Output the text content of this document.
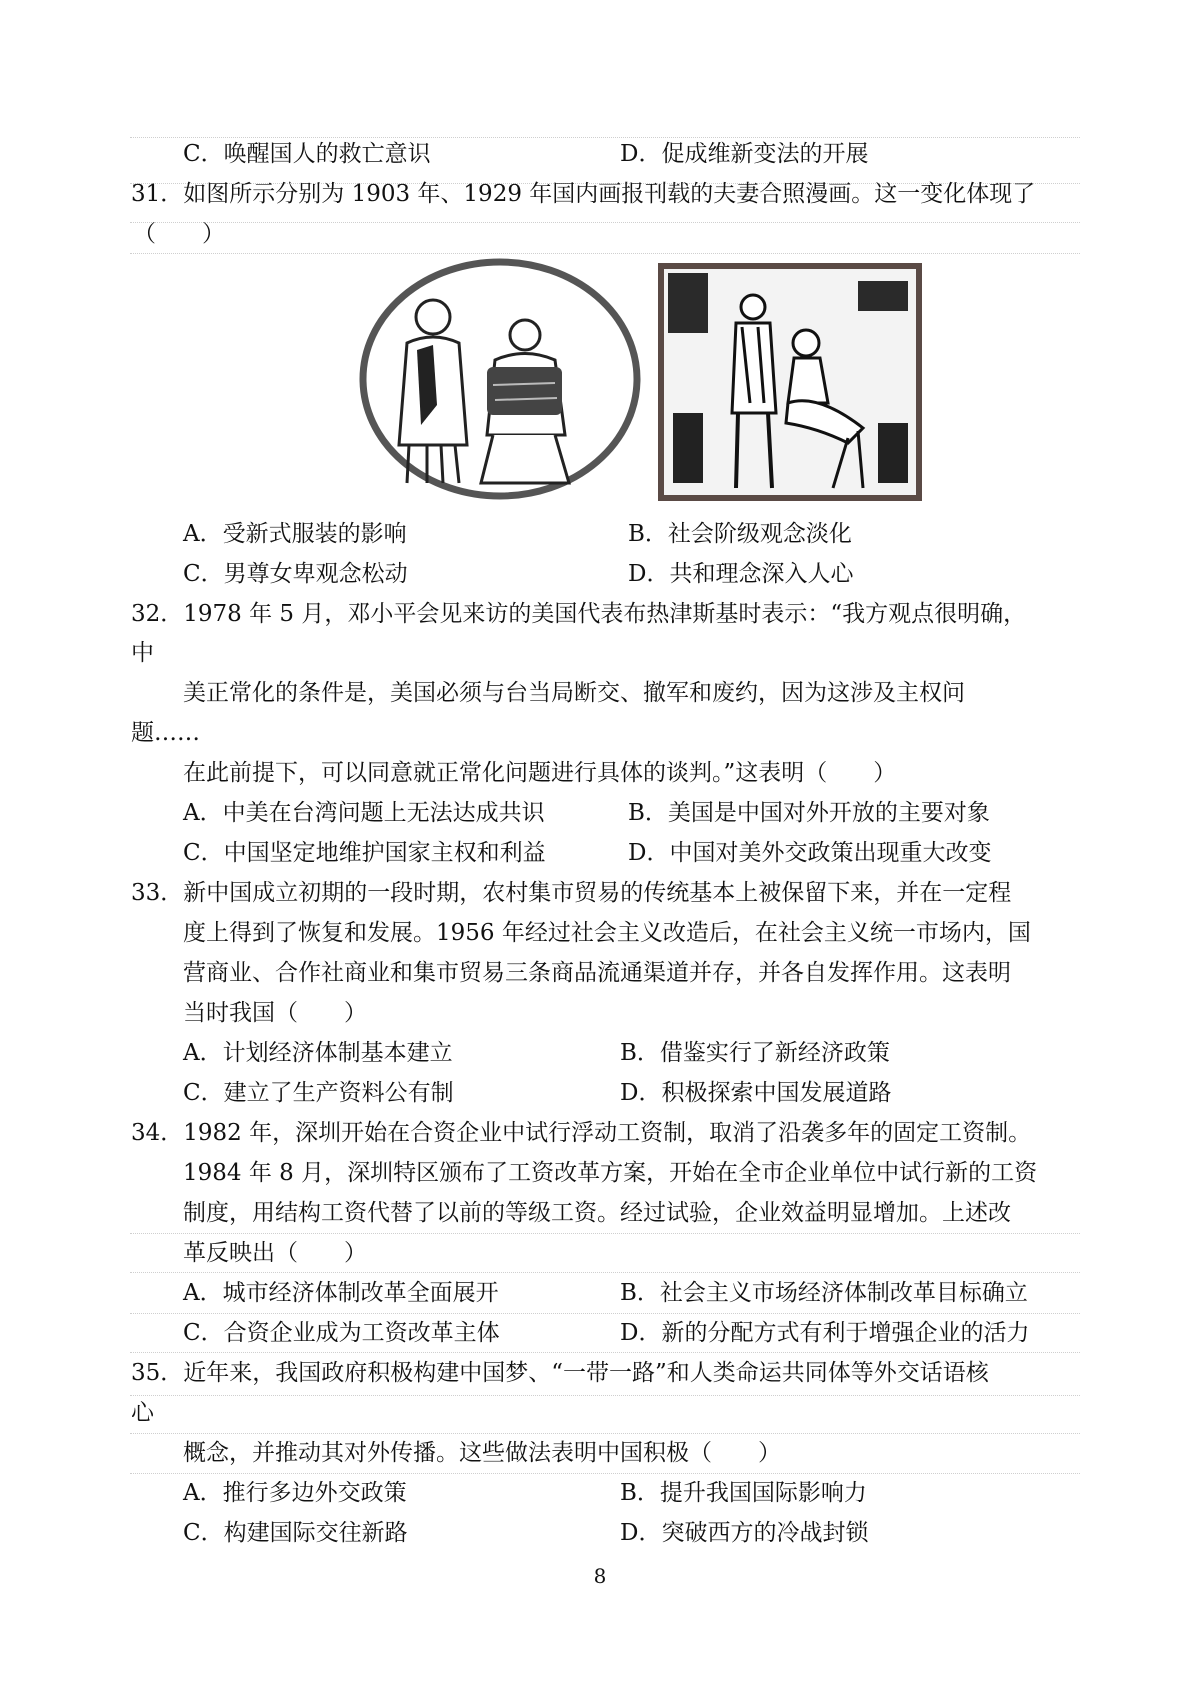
C．唤醒国人的救亡意识	D．促成维新变法的开展
31．如图所示分别为 1903 年、1929 年国内画报刊载的夫妻合照漫画。这一变化体现了
（　　）
A．受新式服装的影响	B．社会阶级观念淡化
C．男尊女卑观念松动	D．共和理念深入人心
32．1978 年 5 月，邓小平会见来访的美国代表布热津斯基时表示：“我方观点很明确，
中
美正常化的条件是，美国必须与台当局断交、撤军和废约，因为这涉及主权问
题……
在此前提下，可以同意就正常化问题进行具体的谈判。”这表明（　　）
A．中美在台湾问题上无法达成共识	B．美国是中国对外开放的主要对象
C．中国坚定地维护国家主权和利益	D．中国对美外交政策出现重大改变
33．新中国成立初期的一段时期，农村集市贸易的传统基本上被保留下来，并在一定程
度上得到了恢复和发展。1956 年经过社会主义改造后，在社会主义统一市场内，国
营商业、合作社商业和集市贸易三条商品流通渠道并存，并各自发挥作用。这表明
当时我国（　　）
A．计划经济体制基本建立	B．借鉴实行了新经济政策
C．建立了生产资料公有制	D．积极探索中国发展道路
34．1982 年，深圳开始在合资企业中试行浮动工资制，取消了沿袭多年的固定工资制。
1984 年 8 月，深圳特区颁布了工资改革方案，开始在全市企业单位中试行新的工资
制度，用结构工资代替了以前的等级工资。经过试验，企业效益明显增加。上述改
革反映出（　　）
A．城市经济体制改革全面展开	B．社会主义市场经济体制改革目标确立
C．合资企业成为工资改革主体	D．新的分配方式有利于增强企业的活力
35．近年来，我国政府积极构建中国梦、“一带一路”和人类命运共同体等外交话语核
心
概念，并推动其对外传播。这些做法表明中国积极（　　）
A．推行多边外交政策	B．提升我国国际影响力
C．构建国际交往新路	D．突破西方的冷战封锁
8
